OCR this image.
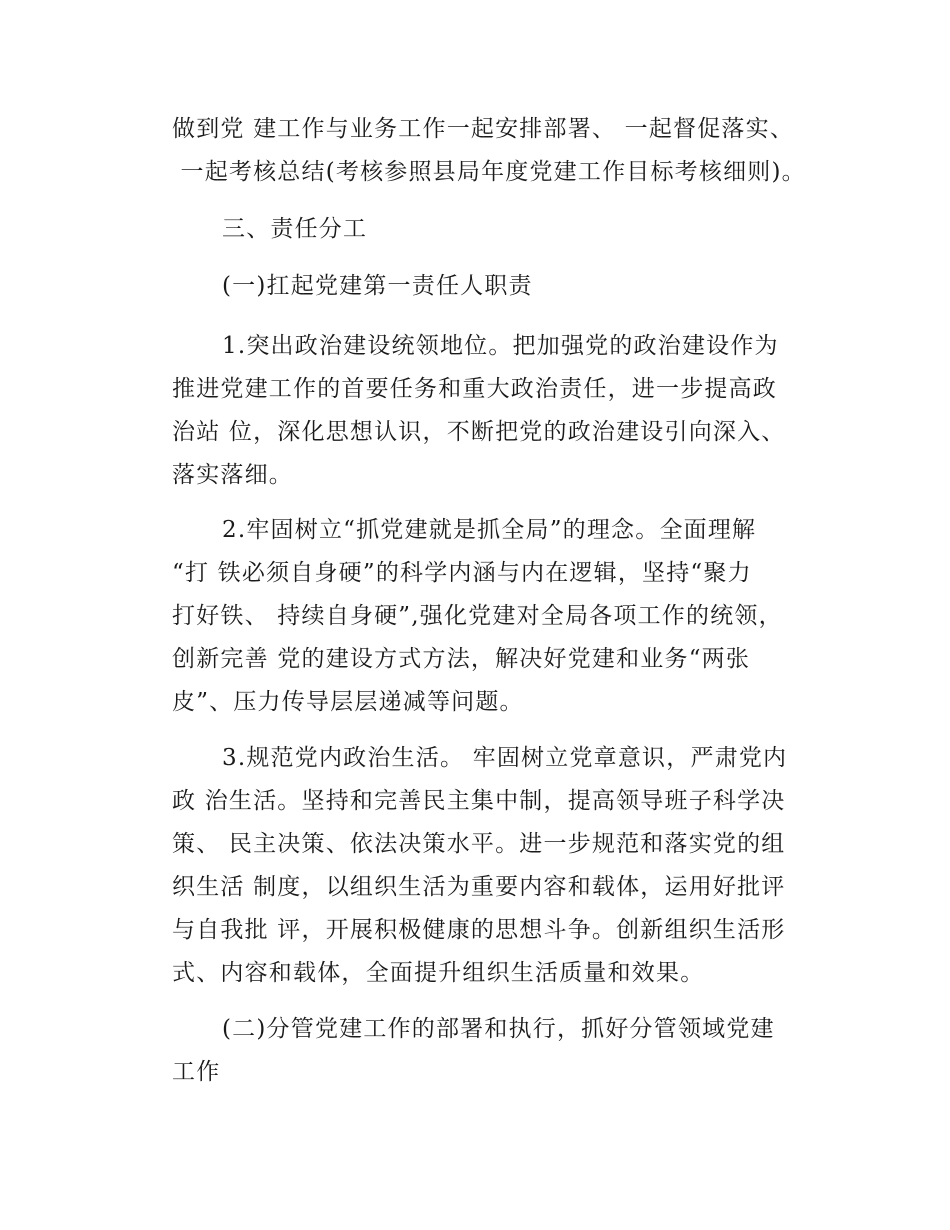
做到党 建工作与业务工作一起安排部署、 一起督促落实、
一起考核总结(考核参照县局年度党建工作目标考核细则)。
三、责任分工
(一)扛起党建第一责任人职责
1.突出政治建设统领地位。把加强党的政治建设作为
推进党建工作的首要任务和重大政治责任，进一步提高政
治站 位，深化思想认识，不断把党的政治建设引向深入、
落实落细。
2.牢固树立“抓党建就是抓全局”的理念。全面理解
“打 铁必须自身硬”的科学内涵与内在逻辑，坚持“聚力
打好铁、 持续自身硬”,强化党建对全局各项工作的统领，
创新完善 党的建设方式方法，解决好党建和业务“两张
皮”、压力传导层层递减等问题。
3.规范党内政治生活。 牢固树立党章意识，严肃党内
政 治生活。坚持和完善民主集中制，提高领导班子科学决
策、 民主决策、依法决策水平。进一步规范和落实党的组
织生活 制度，以组织生活为重要内容和载体，运用好批评
与自我批 评，开展积极健康的思想斗争。创新组织生活形
式、内容和载体，全面提升组织生活质量和效果。
(二)分管党建工作的部署和执行，抓好分管领域党建
工作
